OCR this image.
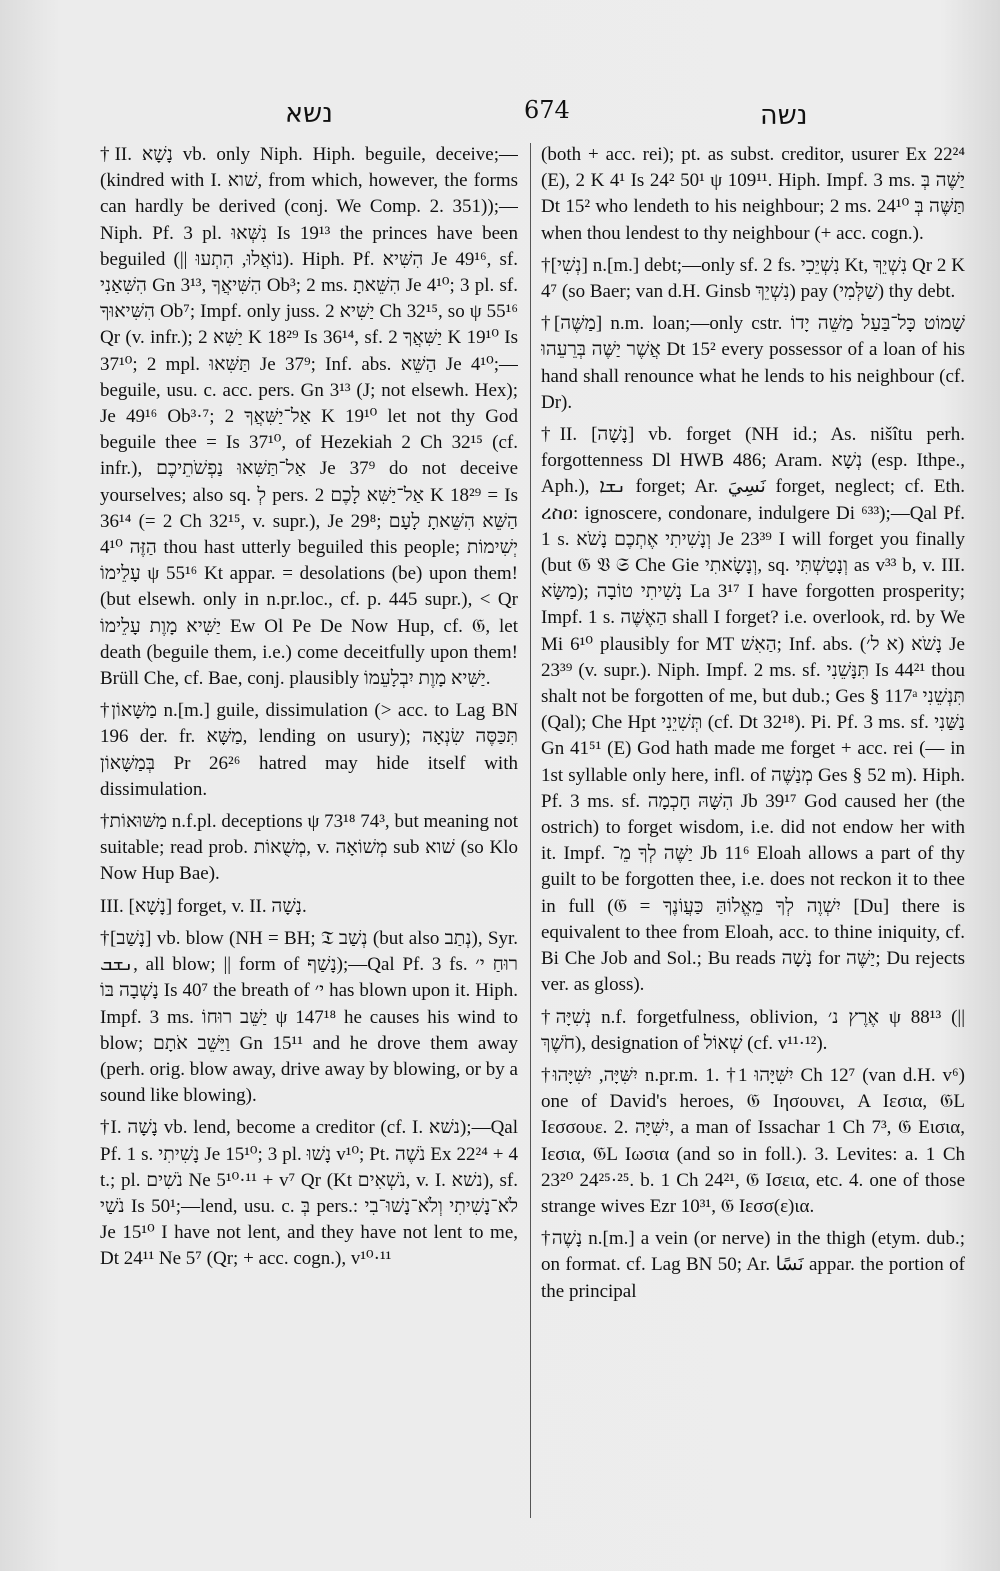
נשא	674	נשה

†II. נָשָׁא vb. only Niph. Hiph. beguile, deceive;—(kindred with I. שׁוא, from which, however, the forms can hardly be derived (conj. We Comp. 2. 351));—Niph. Pf. 3 pl. נִשְּׁאוּ Is 19¹³ the princes have been beguiled (|| נוֹאֲלוּ, הִתְעוּ). Hiph. Pf. הִשִּׁיא Je 49¹⁶, sf. הִשִּׁאַנִי Gn 3¹³, הִשִּׁיאֲךָ Ob³; 2 ms. הִשֵּׁאתָ Je 4¹⁰; 3 pl. sf. הִשִּׁיאוּךָ Ob⁷; Impf. only juss. יַשִּׁיא 2 Ch 32¹⁵, so ψ 55¹⁶ Qr (v. infr.); יַשִּׁא 2 K 18²⁹ Is 36¹⁴, sf. יַשִּׁאֲךָ 2 K 19¹⁰ Is 37¹⁰; 2 mpl. תַּשִּׁאוּ Je 37⁹; Inf. abs. הַשֵּׁא Je 4¹⁰;—beguile, usu. c. acc. pers. Gn 3¹³ (J; not elsewh. Hex); Je 49¹⁶ Ob³·⁷; אַל־יַשִּׁאֲךָ 2 K 19¹⁰ let not thy God beguile thee = Is 37¹⁰, of Hezekiah 2 Ch 32¹⁵ (cf. infr.), אַל־תַּשִּׁאוּ נַפְשֹׁתֵיכֶם Je 37⁹ do not deceive yourselves; also sq. לְ pers. אַל־יַשִּׁא לָכֶם 2 K 18²⁹ = Is 36¹⁴ (= 2 Ch 32¹⁵, v. supr.), Je 29⁸; הַשֵּׁא הִשֵּׁאתָ לָעָם הַזֶּה 4¹⁰ thou hast utterly beguiled this people; יְשִׁימוֹת עָלֵימוֹ ψ 55¹⁶ Kt appar. = desolations (be) upon them! (but elsewh. only in n.pr.loc., cf. p. 445 supr.), < Qr יַשִּׁיא מָוֶת עָלֵימוֹ Ew Ol Pe De Now Hup, cf. 𝔊, let death (beguile them, i.e.) come deceitfully upon them! Brüll Che, cf. Bae, conj. plausibly יַשִּׁיא מָוֶת יִבְלָעֵמוֹ.

†מַשָּׁאוֹן n.[m.] guile, dissimulation (> acc. to Lag BN 196 der. fr. מַשָּׁא, lending on usury); תִּכַּסֶּה שִׂנְאָה בְּמַשָּׁאוֹן Pr 26²⁶ hatred may hide itself with dissimulation.

†מַשּׁוּאוֹת n.f.pl. deceptions ψ 73¹⁸ 74³, but meaning not suitable; read prob. מְשֻׁאוֹת, v. מְשׁוֹאָה sub שׁוא (so Klo Now Hup Bae).

III. [נָשָׁא] forget, v. II. נָשָׁה.

†[נָשַׁב] vb. blow (NH = BH; 𝔗 נְשַׁב (but also נְתַב), Syr. ܢܫܒ, all blow; || form of נָשַׁף);—Qal Pf. 3 fs. רוּחַ י׳ נָשְׁבָה בּוֹ Is 40⁷ the breath of י׳ has blown upon it. Hiph. Impf. 3 ms. יַשֵּׁב רוּחוֹ ψ 147¹⁸ he causes his wind to blow; וַיַּשֵּׁב אֹתָם Gn 15¹¹ and he drove them away (perh. orig. blow away, drive away by blowing, or by a sound like blowing).

†I. נָשָׁה vb. lend, become a creditor (cf. I. נשׁא);—Qal Pf. 1 s. נָשִׁיתִי Je 15¹⁰; 3 pl. נָשׁוּ v¹⁰; Pt. נֹשֶׁה Ex 22²⁴ + 4 t.; pl. נֹשִׁים Ne 5¹⁰·¹¹ + v⁷ Qr (Kt נֹשְׁאִים, v. I. נשׁא), sf. נֹשַׁי Is 50¹;—lend, usu. c. בְּ pers.: לֹא־נָשִׁיתִי וְלֹא־נָשׁוּ־בִי Je 15¹⁰ I have not lent, and they have not lent to me, Dt 24¹¹ Ne 5⁷ (Qr; + acc. cogn.), v¹⁰·¹¹

(both + acc. rei); pt. as subst. creditor, usurer Ex 22²⁴ (E), 2 K 4¹ Is 24² 50¹ ψ 109¹¹. Hiph. Impf. 3 ms. יַשֶּׁה בְּ Dt 15² who lendeth to his neighbour; 2 ms. תַּשֶּׁה בְּ 24¹⁰ when thou lendest to thy neighbour (+ acc. cogn.).

†[נְשִׁי] n.[m.] debt;—only sf. 2 fs. נִשְׁיֵכִי Kt, נִשְׁיֵךְ Qr 2 K 4⁷ (so Baer; van d.H. Ginsb נִשְׁיֵךְ) pay (שַׁלְּמִי) thy debt.

†[מַשֶּׁה] n.m. loan;—only cstr. שָׁמוֹט כָּל־בַּעַל מַשֵּׁה יָדוֹ אֲשֶׁר יַשֶּׁה בְּרֵעֵהוּ Dt 15² every possessor of a loan of his hand shall renounce what he lends to his neighbour (cf. Dr).

†II. [נָשָׁה] vb. forget (NH id.; As. nišîtu perh. forgottenness Dl HWB 486; Aram. נְשָׁא (esp. Ithpe., Aph.), ܢܫܐ forget; Ar. نَسِيَ forget, neglect; cf. Eth. ረስዐ: ignoscere, condonare, indulgere Di ⁶³³);—Qal Pf. 1 s. וְנָשִׁיתִי אֶתְכֶם נָשֹׁא Je 23³⁹ I will forget you finally (but 𝔊 𝔙 𝔖 Che Gie וְנָשָׂאתִי, sq. וְנָטַשְׁתִּי as v³³ b, v. III. מַשָּׂא); נָשִׁיתִי טוֹבָה La 3¹⁷ I have forgotten prosperity; Impf. 1 s. הַאֶשֶּׁה shall I forget? i.e. overlook, rd. by We Mi 6¹⁰ plausibly for MT הַאִשׁ; Inf. abs. נָשֹׁא (א ל׳) Je 23³⁹ (v. supr.). Niph. Impf. 2 ms. sf. תִּנָּשֵׁנִי Is 44²¹ thou shalt not be forgotten of me, but dub.; Ges § 117ᵃ תִּנְשֵׁנִי (Qal); Che Hpt תְּשִׁיֵנִי (cf. Dt 32¹⁸). Pi. Pf. 3 ms. sf. נַשַּׁנִי Gn 41⁵¹ (E) God hath made me forget + acc. rei (— in 1st syllable only here, infl. of מְנַשֶּׁה Ges § 52 m). Hiph. Pf. 3 ms. sf. הִשָּׁהּ חָכְמָה Jb 39¹⁷ God caused her (the ostrich) to forget wisdom, i.e. did not endow her with it. Impf. יַשֶּׁה לְךָ מֵ־ Jb 11⁶ Eloah allows a part of thy guilt to be forgotten thee, i.e. does not reckon it to thee in full (𝔊 = יִשְׁוֶה לְךָ מֵאֱלוֹהַּ כַּעֲוֹנֶךָ [Du] there is equivalent to thee from Eloah, acc. to thine iniquity, cf. Bi Che Job and Sol.; Bu reads נָשָׁה for יַשֶּׁה; Du rejects ver. as gloss).

†נְשִׁיָּה n.f. forgetfulness, oblivion, אֶרֶץ נ׳ ψ 88¹³ (|| חֹשֶׁךְ), designation of שְׁאוֹל (cf. v¹¹·¹²).

†יִשִּׁיָּה, יִשִּׁיָּהוּ n.pr.m. 1. †יִשִּׁיָּהוּ 1 Ch 12⁷ (van d.H. v⁶) one of David's heroes, 𝔊 Ιησουνει, A Ιεσια, 𝔊L Ιεσσουε. 2. יִשִּׁיָּה, a man of Issachar 1 Ch 7³, 𝔊 Εισια, Ιεσια, 𝔊L Ιωσια (and so in foll.). 3. Levites: a. 1 Ch 23²⁰ 24²⁵·²⁵. b. 1 Ch 24²¹, 𝔊 Ισεια, etc. 4. one of those strange wives Ezr 10³¹, 𝔊 Ιεσσ(ε)ια.

†נָשֶׁה n.[m.] a vein (or nerve) in the thigh (etym. dub.; on format. cf. Lag BN 50; Ar. نَسًا appar. the portion of the principal
